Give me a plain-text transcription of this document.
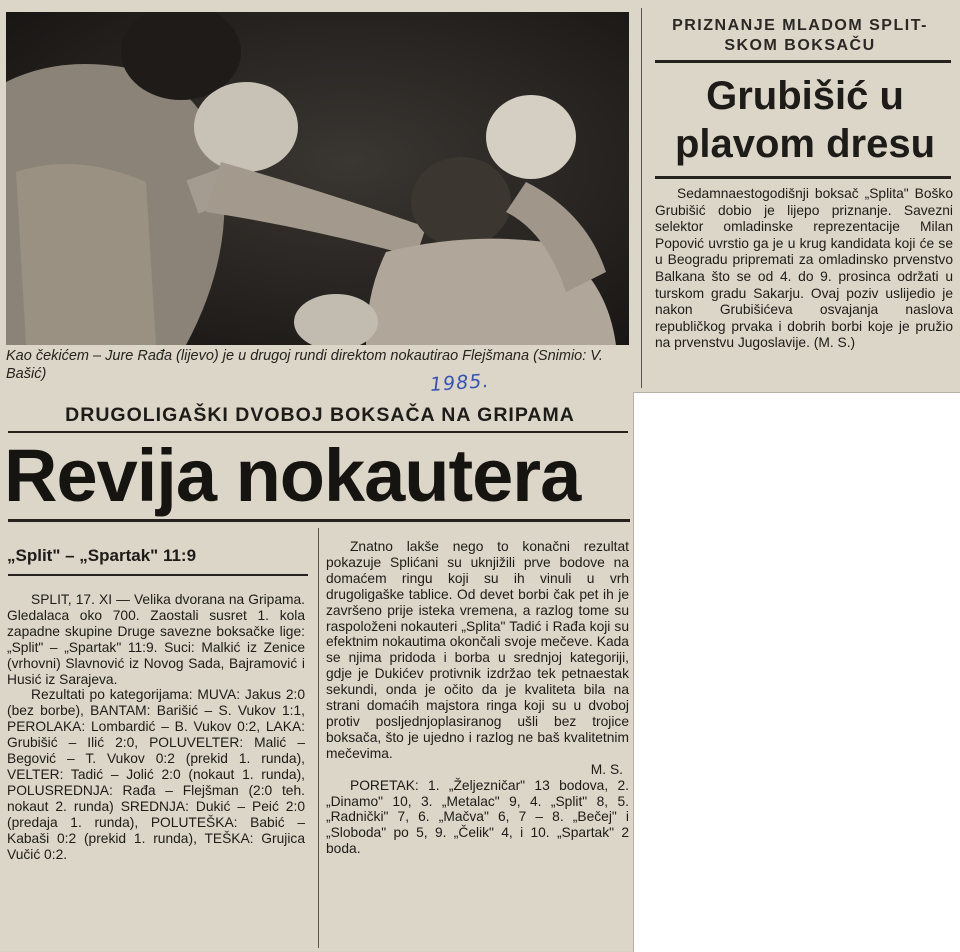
Kao čekićem – Jure Rađa (lijevo) je u drugoj rundi direktom nokautirao Flejšmana (Snimio: V. Bašić)	1985.
PRIZNANJE MLADOM SPLIT-SKOM BOKSAČU
Grubišić u plavom dresu
Sedamnaestogodišnji boksač „Splita" Boško Grubišić dobio je lijepo priznanje. Savezni selektor omladinske reprezentacije Milan Popović uvrstio ga je u krug kandidata koji će se u Beogradu pripremati za omladinsko prvenstvo Balkana što se od 4. do 9. prosinca održati u turskom gradu Sakarju. Ovaj poziv uslijedio je nakon Grubišićeva osvajanja naslova republičkog prvaka i dobrih borbi koje je pružio na prvenstvu Jugoslavije. (M. S.)
DRUGOLIGAŠKI DVOBOJ BOKSAČA NA GRIPAMA
Revija nokautera
„Split" – „Spartak" 11:9

SPLIT, 17. XI — Velika dvorana na Gripama. Gledalaca oko 700. Zaostali susret 1. kola zapadne skupine Druge savezne boksačke lige: „Split" – „Spartak" 11:9. Suci: Malkić iz Zenice (vrhovni) Slavnović iz Novog Sada, Bajramović i Husić iz Sarajeva.

Rezultati po kategorijama: MUVA: Jakus 2:0 (bez borbe), BANTAM: Barišić – S. Vukov 1:1, PEROLAKA: Lombardić – B. Vukov 0:2, LAKA: Grubišić – Ilić 2:0, POLUVELTER: Malić – Begović – T. Vukov 0:2 (prekid 1. runda), VELTER: Tadić – Jolić 2:0 (nokaut 1. runda), POLUSREDNJA: Rađa – Flejšman (2:0 teh. nokaut 2. runda) SREDNJA: Dukić – Peić 2:0 (predaja 1. runda), POLUTEŠKA: Babić – Kabaši 0:2 (prekid 1. runda), TEŠKA: Grujica Vučić 0:2.

Znatno lakše nego to konačni rezultat pokazuje Splićani su uknjižili prve bodove na domaćem ringu koji su ih vinuli u vrh drugoligaške tablice. Od devet borbi čak pet ih je završeno prije isteka vremena, a razlog tome su raspoloženi nokauteri „Splita" Tadić i Rađa koji su efektnim nokautima okončali svoje mečeve. Kada se njima pridoda i borba u srednjoj kategoriji, gdje je Dukićev protivnik izdržao tek petnaestak sekundi, onda je očito da je kvaliteta bila na strani domaćih majstora ringa koji su u dvoboj protiv posljednjoplasiranog ušli bez trojice boksača, što je ujedno i razlog ne baš kvalitetnim mečevima.

M. S.

PORETAK: 1. „Željezničar" 13 bodova, 2. „Dinamo" 10, 3. „Metalac" 9, 4. „Split" 8, 5. „Radnički" 7, 6. „Mačva" 6, 7 – 8. „Bečej" i „Sloboda" po 5, 9. „Čelik" 4, i 10. „Spartak" 2 boda.
